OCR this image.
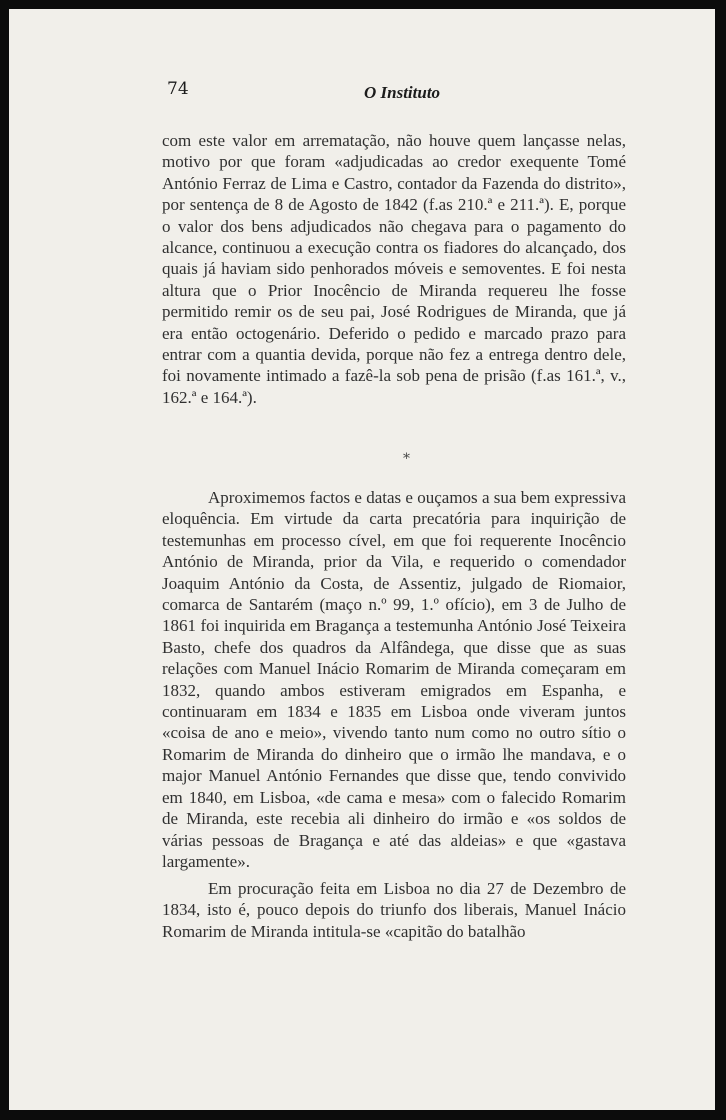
74	O Instituto

com este valor em arrematação, não houve quem lançasse nelas, motivo por que foram «adjudicadas ao credor exequente Tomé António Ferraz de Lima e Castro, contador da Fazenda do distrito», por sentença de 8 de Agosto de 1842 (f.as 210.ª e 211.ª). E, porque o valor dos bens adjudicados não chegava para o pagamento do alcance, continuou a execução contra os fiadores do alcançado, dos quais já haviam sido penhorados móveis e semoventes. E foi nesta altura que o Prior Inocêncio de Miranda requereu lhe fosse permitido remir os de seu pai, José Rodrigues de Miranda, que já era então octogenário. Deferido o pedido e marcado prazo para entrar com a quantia devida, porque não fez a entrega dentro dele, foi novamente intimado a fazê-la sob pena de prisão (f.as 161.ª, v., 162.ª e 164.ª).

*

Aproximemos factos e datas e ouçamos a sua bem expressiva eloquência. Em virtude da carta precatória para inquirição de testemunhas em processo cível, em que foi requerente Inocêncio António de Miranda, prior da Vila, e requerido o comendador Joaquim António da Costa, de Assentiz, julgado de Riomaior, comarca de Santarém (maço n.º 99, 1.º ofício), em 3 de Julho de 1861 foi inquirida em Bragança a testemunha António José Teixeira Basto, chefe dos quadros da Alfândega, que disse que as suas relações com Manuel Inácio Romarim de Miranda começaram em 1832, quando ambos estiveram emigrados em Espanha, e continuaram em 1834 e 1835 em Lisboa onde viveram juntos «coisa de ano e meio», vivendo tanto num como no outro sítio o Romarim de Miranda do dinheiro que o irmão lhe mandava, e o major Manuel António Fernandes que disse que, tendo convivido em 1840, em Lisboa, «de cama e mesa» com o falecido Romarim de Miranda, este recebia ali dinheiro do irmão e «os soldos de várias pessoas de Bragança e até das aldeias» e que «gastava largamente».

Em procuração feita em Lisboa no dia 27 de Dezembro de 1834, isto é, pouco depois do triunfo dos liberais, Manuel Inácio Romarim de Miranda intitula-se «capitão do batalhão
